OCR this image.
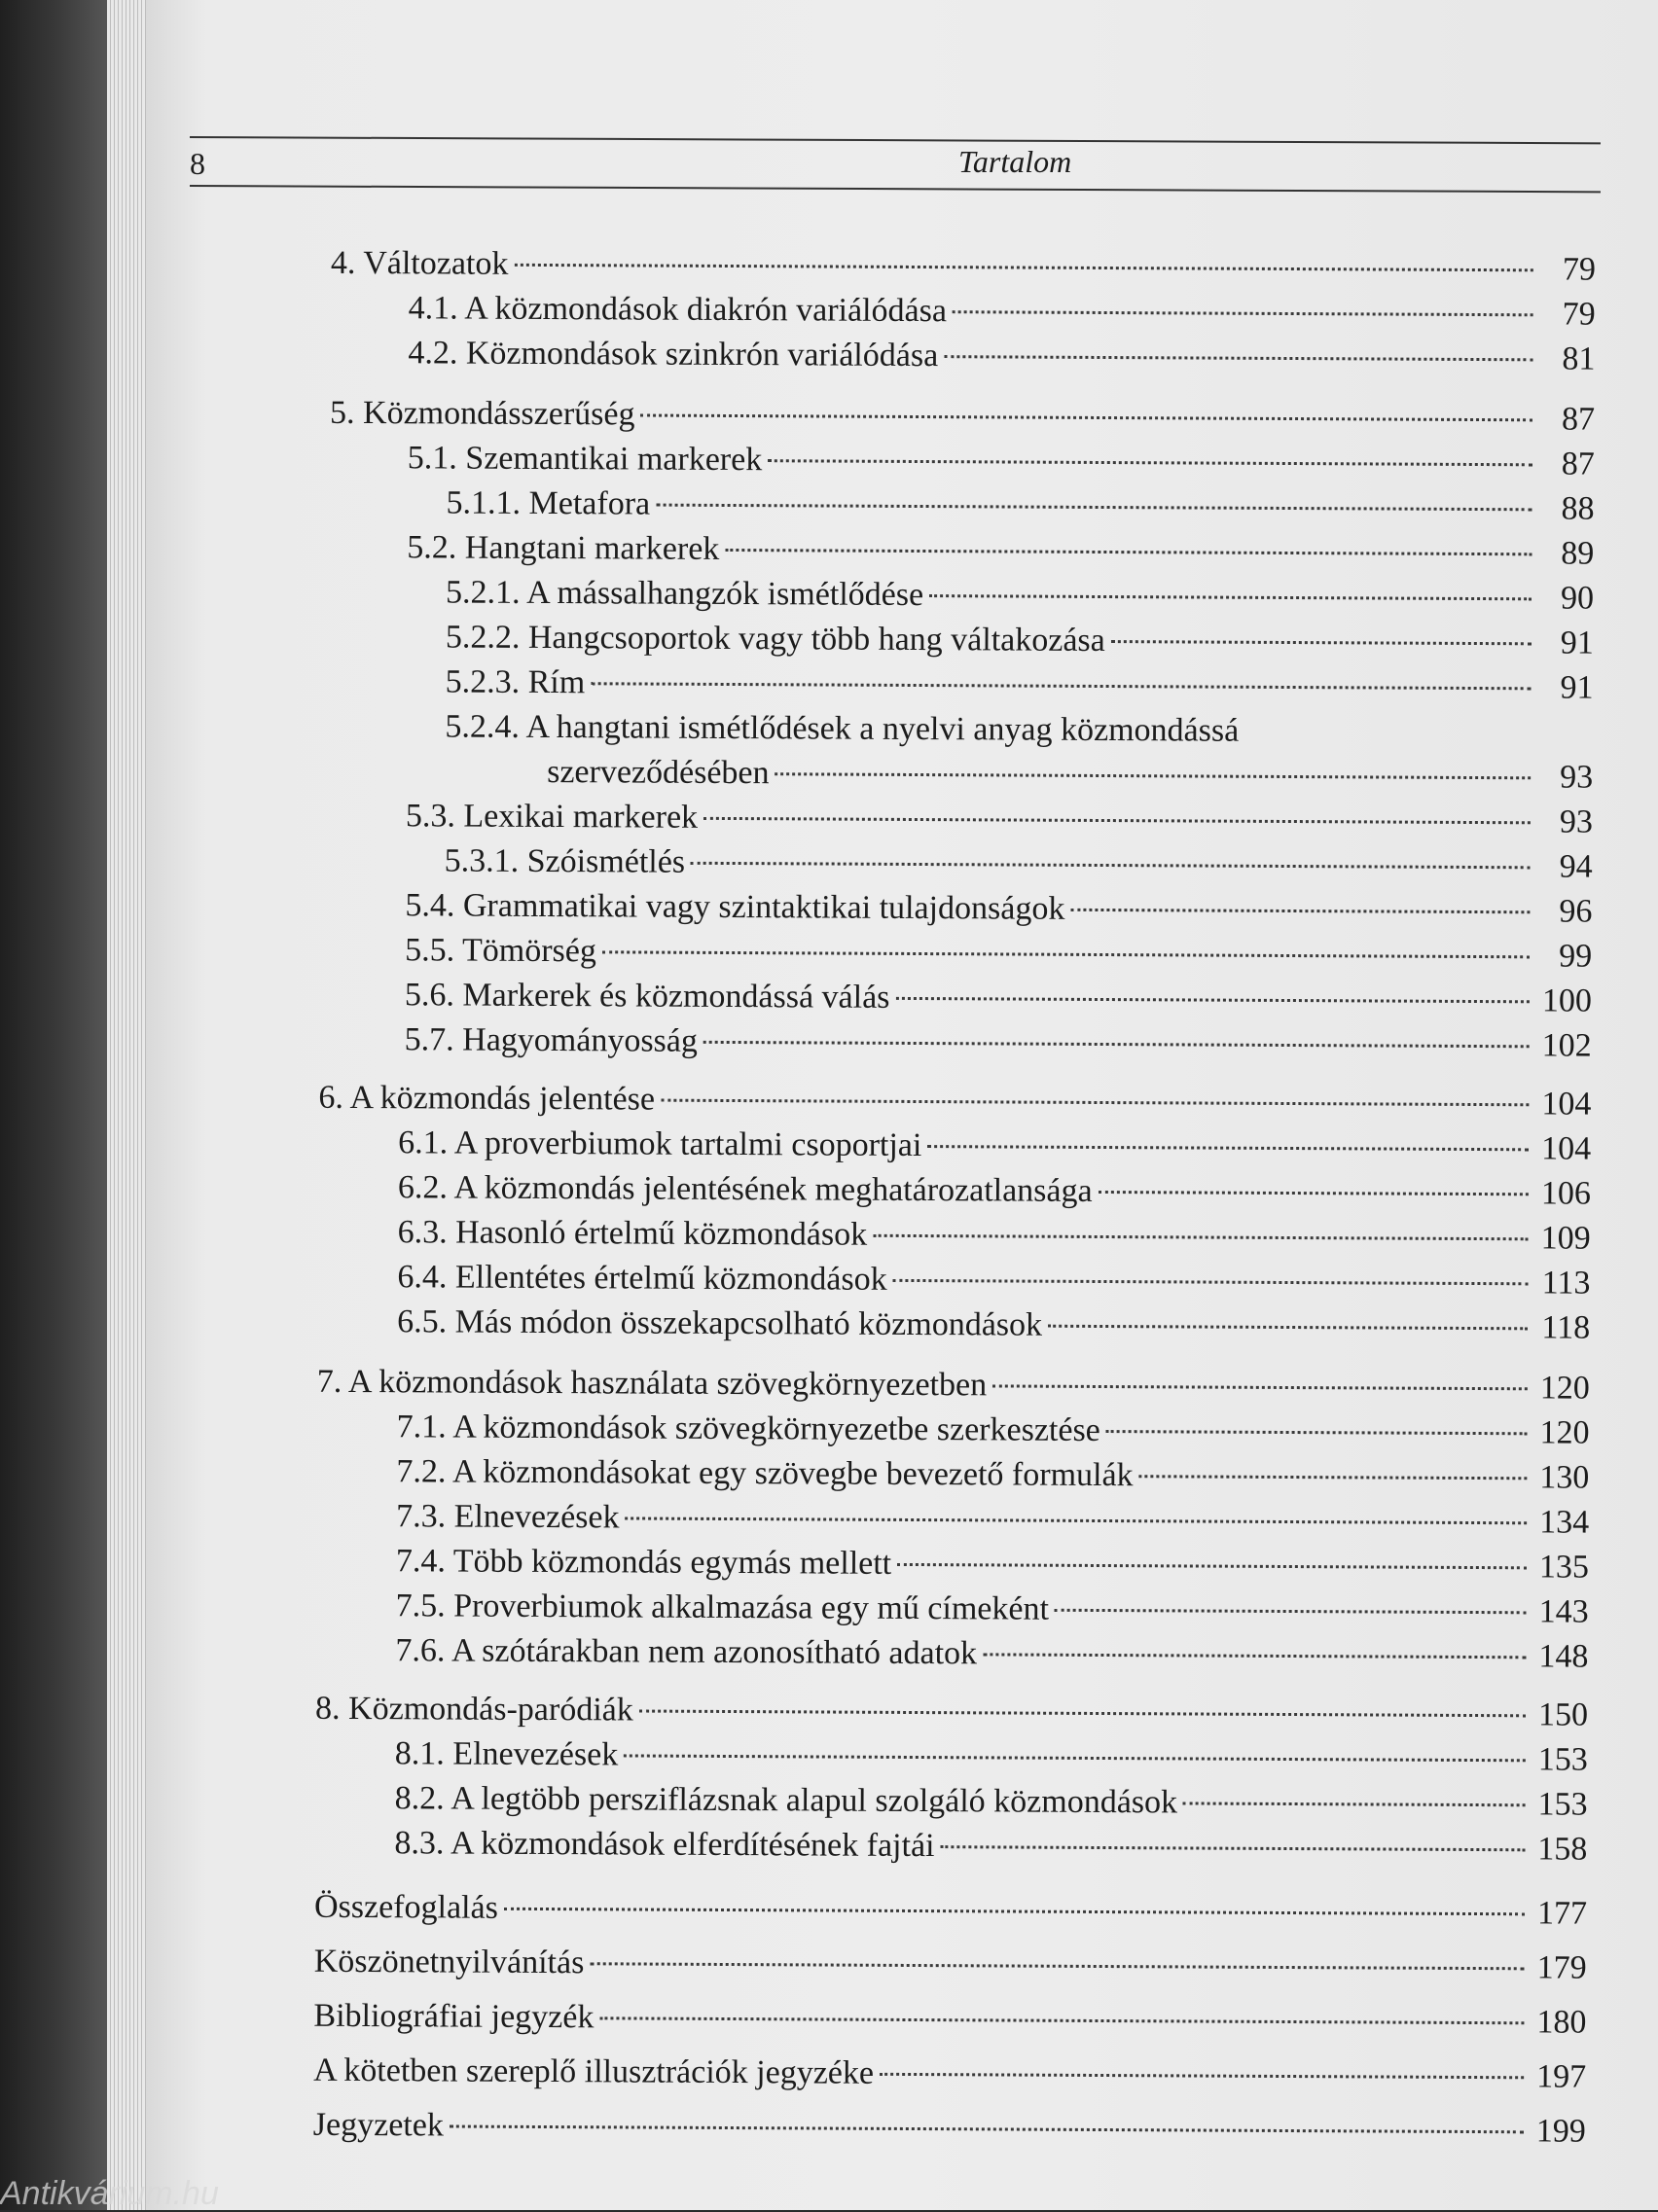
8	Tartalom
4. Változatok	79
4.1. A közmondások diakrón variálódása	79
4.2. Közmondások szinkrón variálódása	81
5. Közmondásszerűség	87
5.1. Szemantikai markerek	87
5.1.1. Metafora	88
5.2. Hangtani markerek	89
5.2.1. A mássalhangzók ismétlődése	90
5.2.2. Hangcsoportok vagy több hang váltakozása	91
5.2.3. Rím	91
5.2.4. A hangtani ismétlődések a nyelvi anyag közmondássá
szerveződésében	93
5.3. Lexikai markerek	93
5.3.1. Szóismétlés	94
5.4. Grammatikai vagy szintaktikai tulajdonságok	96
5.5. Tömörség	99
5.6. Markerek és közmondássá válás	100
5.7. Hagyományosság	102
6. A közmondás jelentése	104
6.1. A proverbiumok tartalmi csoportjai	104
6.2. A közmondás jelentésének meghatározatlansága	106
6.3. Hasonló értelmű közmondások	109
6.4. Ellentétes értelmű közmondások	113
6.5. Más módon összekapcsolható közmondások	118
7. A közmondások használata szövegkörnyezetben	120
7.1. A közmondások szövegkörnyezetbe szerkesztése	120
7.2. A közmondásokat egy szövegbe bevezető formulák	130
7.3. Elnevezések	134
7.4. Több közmondás egymás mellett	135
7.5. Proverbiumok alkalmazása egy mű címeként	143
7.6. A szótárakban nem azonosítható adatok	148
8. Közmondás-paródiák	150
8.1. Elnevezések	153
8.2. A legtöbb persziflázsnak alapul szolgáló közmondások	153
8.3. A közmondások elferdítésének fajtái	158
Összefoglalás	177
Köszönetnyilvánítás	179
Bibliográfiai jegyzék	180
A kötetben szereplő illusztrációk jegyzéke	197
Jegyzetek	199
Antikvárium.hu
